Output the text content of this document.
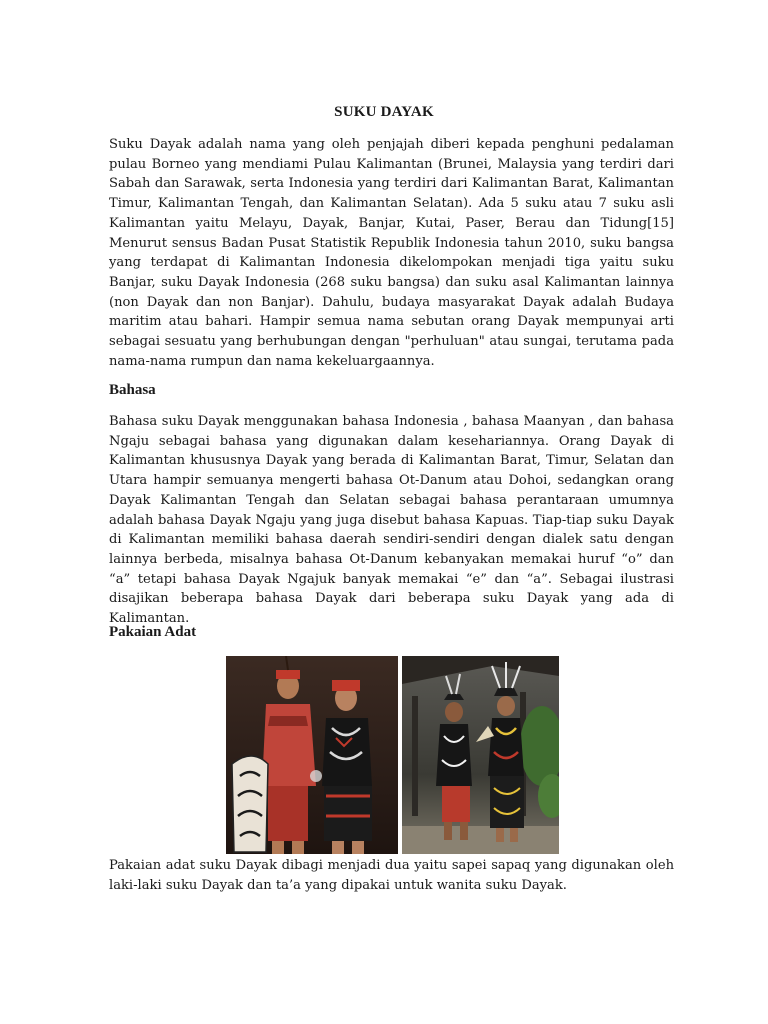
SUKU DAYAK

Suku Dayak adalah nama yang oleh penjajah diberi kepada penghuni pedalaman pulau Borneo yang mendiami Pulau Kalimantan (Brunei, Malaysia yang terdiri dari Sabah dan Sarawak, serta Indonesia yang terdiri dari Kalimantan Barat, Kalimantan Timur, Kalimantan Tengah, dan Kalimantan Selatan). Ada 5 suku atau 7 suku asli Kalimantan yaitu Melayu, Dayak, Banjar, Kutai, Paser, Berau dan Tidung[15] Menurut sensus Badan Pusat Statistik Republik Indonesia tahun 2010, suku bangsa yang terdapat di Kalimantan Indonesia dikelompokan menjadi tiga yaitu suku Banjar, suku Dayak Indonesia (268 suku bangsa) dan suku asal Kalimantan lainnya (non Dayak dan non Banjar). Dahulu, budaya masyarakat Dayak adalah Budaya maritim atau bahari. Hampir semua nama sebutan orang Dayak mempunyai arti sebagai sesuatu yang berhubungan dengan "perhuluan" atau sungai, terutama pada nama-nama rumpun dan nama kekeluargaannya.

Bahasa

Bahasa suku Dayak menggunakan bahasa Indonesia , bahasa Maanyan , dan bahasa Ngaju sebagai bahasa yang digunakan dalam kesehariannya. Orang Dayak di Kalimantan khususnya Dayak yang berada di Kalimantan Barat, Timur, Selatan dan Utara hampir semuanya mengerti bahasa Ot-Danum atau Dohoi, sedangkan orang Dayak Kalimantan Tengah dan Selatan sebagai bahasa perantaraan umumnya adalah bahasa Dayak Ngaju yang juga disebut bahasa Kapuas. Tiap-tiap suku Dayak di Kalimantan memiliki bahasa daerah sendiri-sendiri dengan dialek satu dengan lainnya berbeda, misalnya bahasa Ot-Danum kebanyakan memakai huruf “o” dan “a” tetapi bahasa Dayak Ngajuk banyak memakai “e” dan “a”. Sebagai ilustrasi disajikan beberapa bahasa Dayak dari beberapa suku Dayak yang ada di Kalimantan.

Pakaian Adat

Pakaian adat suku Dayak dibagi menjadi dua yaitu sapei sapaq yang digunakan oleh laki-laki suku Dayak dan ta’a yang dipakai untuk wanita suku Dayak.
